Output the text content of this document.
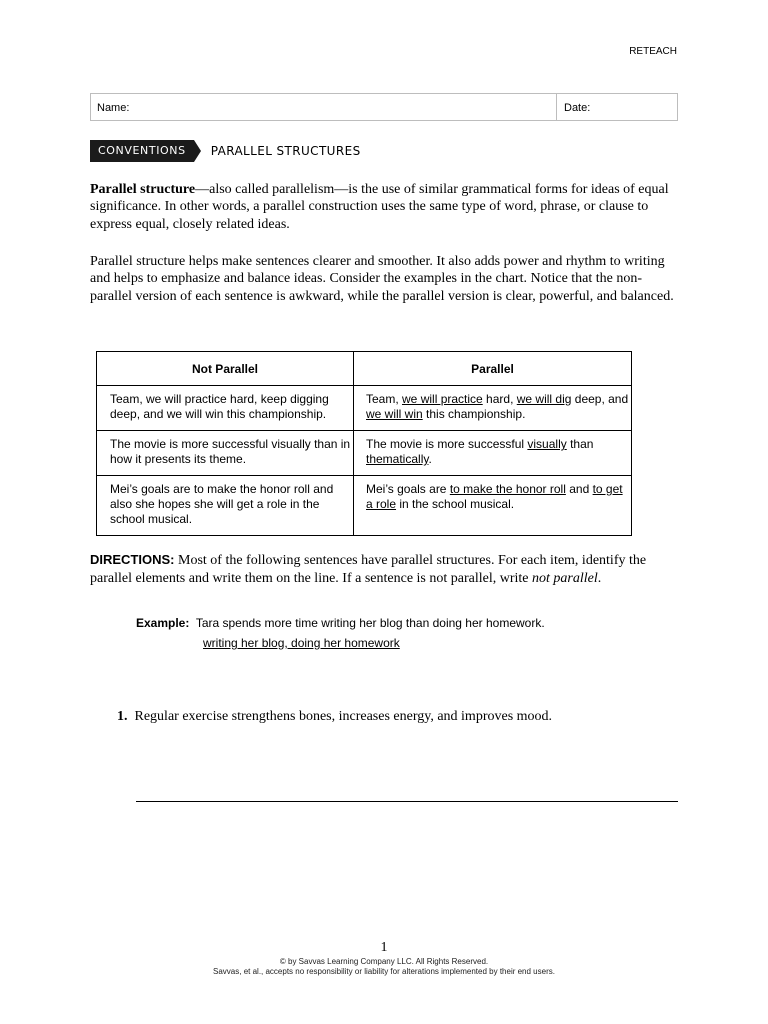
RETEACH
Name:	Date:
CONVENTIONS	PARALLEL STRUCTURES
Parallel structure—also called parallelism—is the use of similar grammatical forms for ideas of equal significance. In other words, a parallel construction uses the same type of word, phrase, or clause to express equal, closely related ideas.
Parallel structure helps make sentences clearer and smoother. It also adds power and rhythm to writing and helps to emphasize and balance ideas. Consider the examples in the chart. Notice that the non-parallel version of each sentence is awkward, while the parallel version is clear, powerful, and balanced.
Not Parallel	Parallel
Team, we will practice hard, keep digging deep, and we will win this championship.	Team, we will practice hard, we will dig deep, and we will win this championship.
The movie is more successful visually than in how it presents its theme.	The movie is more successful visually than thematically.
Mei’s goals are to make the honor roll and also she hopes she will get a role in the school musical.	Mei’s goals are to make the honor roll and to get a role in the school musical.
DIRECTIONS: Most of the following sentences have parallel structures. For each item, identify the parallel elements and write them on the line. If a sentence is not parallel, write not parallel.
Example: Tara spends more time writing her blog than doing her homework.
writing her blog, doing her homework
1. Regular exercise strengthens bones, increases energy, and improves mood.
1
© by Savvas Learning Company LLC. All Rights Reserved.
Savvas, et al., accepts no responsibility or liability for alterations implemented by their end users.
